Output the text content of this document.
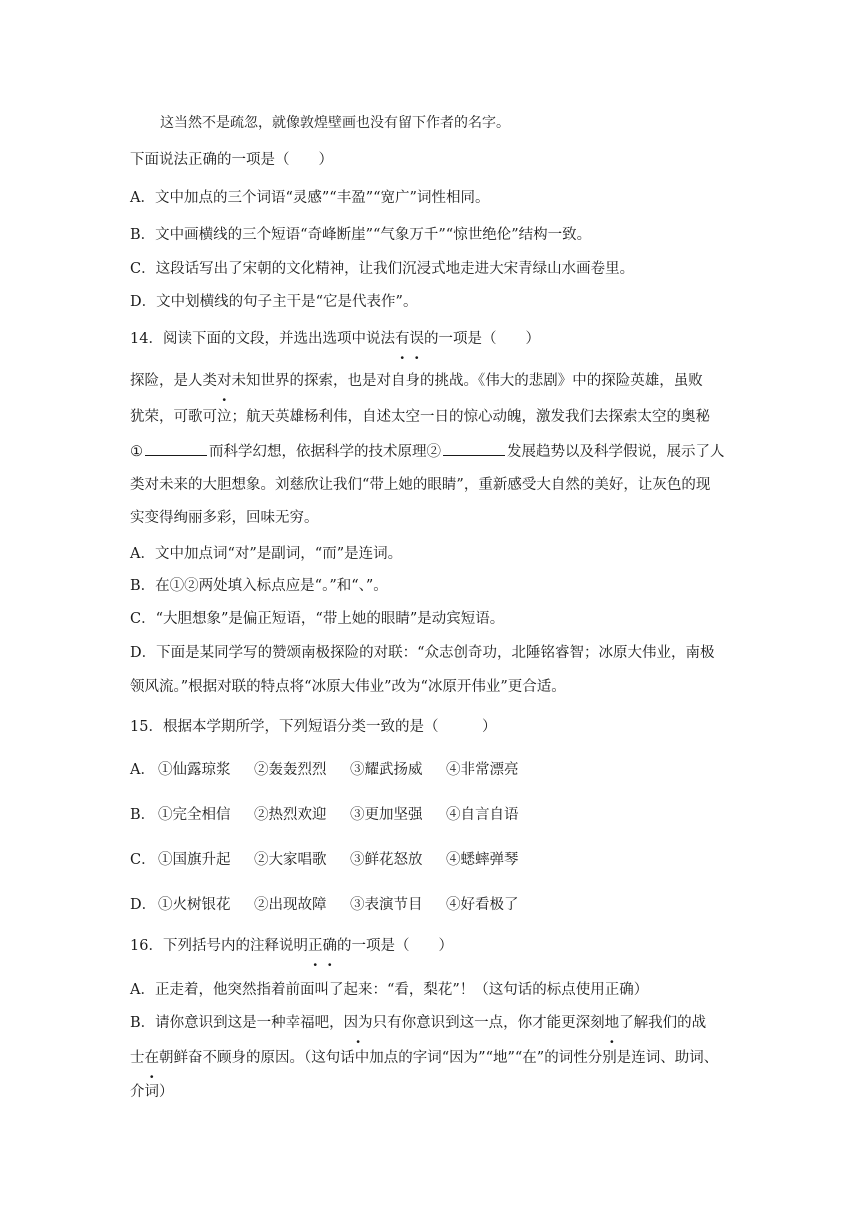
这当然不是疏忽，就像敦煌壁画也没有留下作者的名字。
下面说法正确的一项是（　　）
A．文中加点的三个词语“灵感”“丰盈”“宽广”词性相同。
B．文中画横线的三个短语“奇峰断崖”“气象万千”“惊世绝伦”结构一致。
C．这段话写出了宋朝的文化精神，让我们沉浸式地走进大宋青绿山水画卷里。
D．文中划横线的句子主干是“它是代表作”。
14．阅读下面的文段，并选出选项中说法有误的一项是（　　）
探险，是人类对未知世界的探索，也是对自身的挑战。《伟大的悲剧》中的探险英雄，虽败
犹荣，可歌可泣；航天英雄杨利伟，自述太空一日的惊心动魄，激发我们去探索太空的奥秘
①	而科学幻想，依据科学的技术原理②	发展趋势以及科学假说，展示了人
类对未来的大胆想象。刘慈欣让我们“带上她的眼睛”，重新感受大自然的美好，让灰色的现
实变得绚丽多彩，回味无穷。
A．文中加点词“对”是副词，“而”是连词。
B．在①②两处填入标点应是“。”和“、”。
C．“大胆想象”是偏正短语，“带上她的眼睛”是动宾短语。
D．下面是某同学写的赞颂南极探险的对联：“众志创奇功，北陲铭睿智；冰原大伟业，南极
领风流。”根据对联的特点将“冰原大伟业”改为“冰原开伟业”更合适。
15．根据本学期所学，下列短语分类一致的是（　　　）
A． ①仙露琼浆 ②轰轰烈烈 ③耀武扬威 ④非常漂亮
B． ①完全相信 ②热烈欢迎 ③更加坚强 ④自言自语
C． ①国旗升起 ②大家唱歌 ③鲜花怒放 ④蟋蟀弹琴
D． ①火树银花 ②出现故障 ③表演节目 ④好看极了
16．下列括号内的注释说明正确的一项是（　　）
A．正走着，他突然指着前面叫了起来：“看，梨花”！（这句话的标点使用正确）
B．请你意识到这是一种幸福吧，因为只有你意识到这一点，你才能更深刻地了解我们的战
士在朝鲜奋不顾身的原因。（这句话中加点的字词“因为”“地”“在”的词性分别是连词、助词、
介词）
